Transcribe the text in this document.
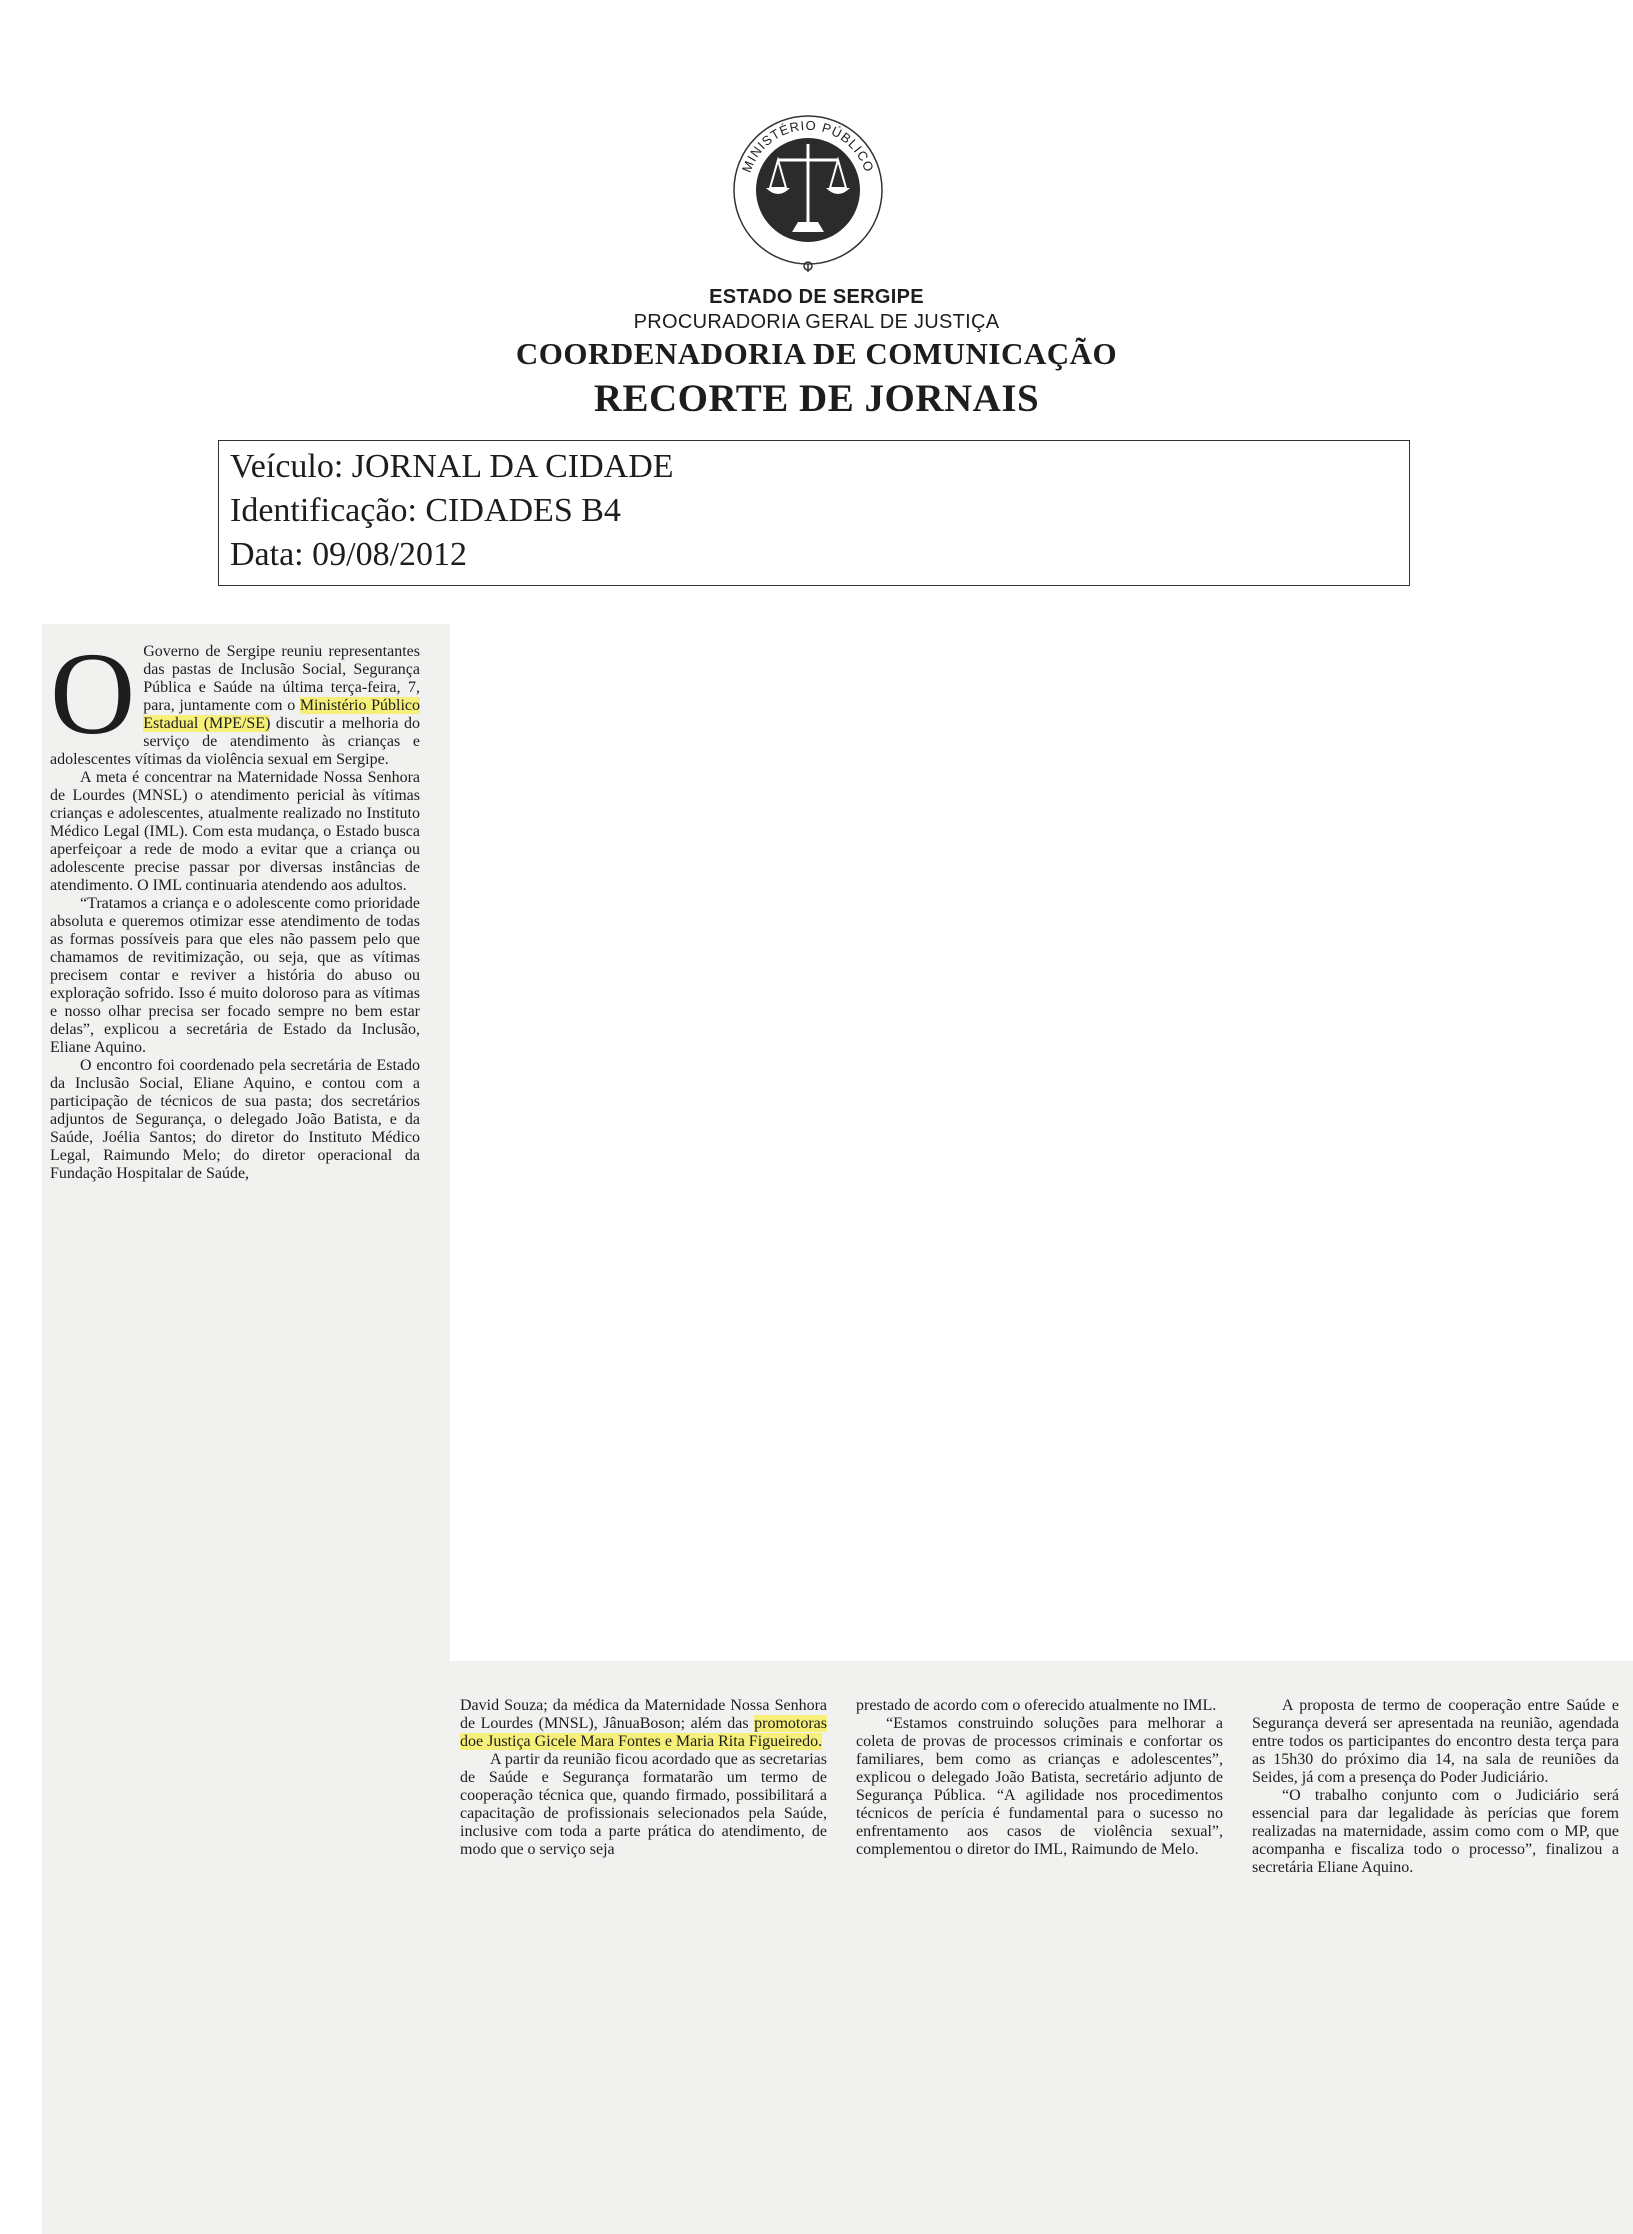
MINISTÉRIO PÚBLICO

ESTADO DE SERGIPE

PROCURADORIA GERAL DE JUSTIÇA

COORDENADORIA DE COMUNICAÇÃO

RECORTE DE JORNAIS

Veículo: JORNAL DA CIDADE
Identificação: CIDADES B4
Data: 09/08/2012

O Governo de Sergipe reuniu representantes das pastas de Inclusão Social, Segurança Pública e Saúde na última terça-feira, 7, para, juntamente com o Ministério Público Estadual (MPE/SE) discutir a melhoria do serviço de atendimento às crianças e adolescentes vítimas da violência sexual em Sergipe.

A meta é concentrar na Maternidade Nossa Senhora de Lourdes (MNSL) o atendimento pericial às vítimas crianças e adolescentes, atualmente realizado no Instituto Médico Legal (IML). Com esta mudança, o Estado busca aperfeiçoar a rede de modo a evitar que a criança ou adolescente precise passar por diversas instâncias de atendimento. O IML continuaria atendendo aos adultos.

“Tratamos a criança e o adolescente como prioridade absoluta e queremos otimizar esse atendimento de todas as formas possíveis para que eles não passem pelo que chamamos de revitimização, ou seja, que as vítimas precisem contar e reviver a história do abuso ou exploração sofrido. Isso é muito doloroso para as vítimas e nosso olhar precisa ser focado sempre no bem estar delas”, explicou a secretária de Estado da Inclusão, Eliane Aquino.

O encontro foi coordenado pela secretária de Estado da Inclusão Social, Eliane Aquino, e contou com a participação de técnicos de sua pasta; dos secretários adjuntos de Segurança, o delegado João Batista, e da Saúde, Joélia Santos; do diretor do Instituto Médico Legal, Raimundo Melo; do diretor operacional da Fundação Hospitalar de Saúde,

David Souza; da médica da Maternidade Nossa Senhora de Lourdes (MNSL), JânuaBoson; além das promotoras doe Justiça Gicele Mara Fontes e Maria Rita Figueiredo.

A partir da reunião ficou acordado que as secretarias de Saúde e Segurança formatarão um termo de cooperação técnica que, quando firmado, possibilitará a capacitação de profissionais selecionados pela Saúde, inclusive com toda a parte prática do atendimento, de modo que o serviço seja

prestado de acordo com o oferecido atualmente no IML.

“Estamos construindo soluções para melhorar a coleta de provas de processos criminais e confortar os familiares, bem como as crianças e adolescentes”, explicou o delegado João Batista, secretário adjunto de Segurança Pública. “A agilidade nos procedimentos técnicos de perícia é fundamental para o sucesso no enfrentamento aos casos de violência sexual”, complementou o diretor do IML, Raimundo de Melo.

A proposta de termo de cooperação entre Saúde e Segurança deverá ser apresentada na reunião, agendada entre todos os participantes do encontro desta terça para as 15h30 do próximo dia 14, na sala de reuniões da Seides, já com a presença do Poder Judiciário.

“O trabalho conjunto com o Judiciário será essencial para dar legalidade às perícias que forem realizadas na maternidade, assim como com o MP, que acompanha e fiscaliza todo o processo”, finalizou a secretária Eliane Aquino.
